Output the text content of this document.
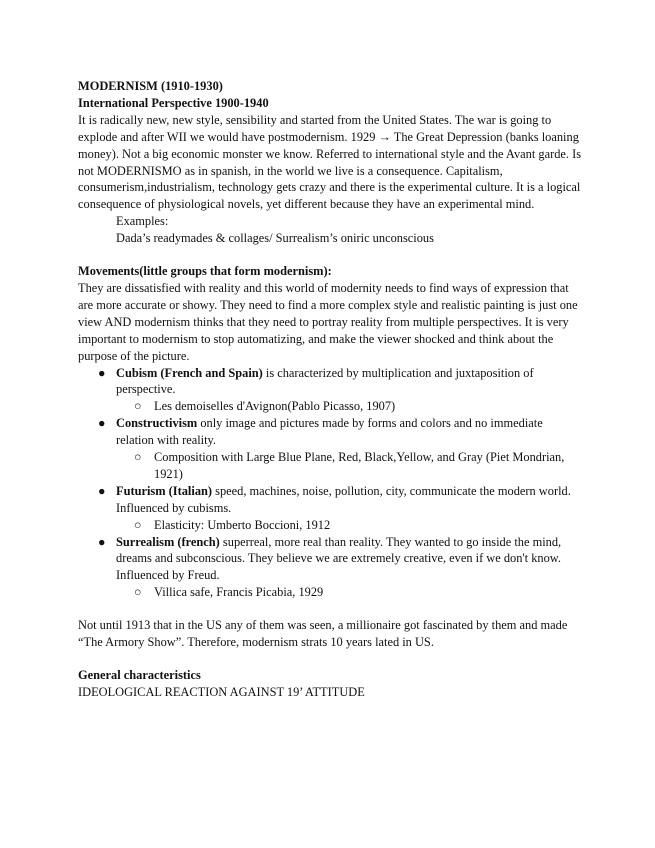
MODERNISM (1910-1930)

International Perspective 1900-1940

It is radically new, new style, sensibility and started from the United States. The war is going to explode and after WII we would have postmodernism. 1929 → The Great Depression (banks loaning money). Not a big economic monster we know. Referred to international style and the Avant garde. Is not MODERNISMO as in spanish, in the world we live is a consequence. Capitalism, consumerism,industrialism, technology gets crazy and there is the experimental culture. It is a logical consequence of physiological novels, yet different because they have an experimental mind.

Examples:

Dada’s readymades & collages/ Surrealism’s oniric unconscious

Movements(little groups that form modernism):

They are dissatisfied with reality and this world of modernity needs to find ways of expression that are more accurate or showy. They need to find a more complex style and realistic painting is just one view AND modernism thinks that they need to portray reality from multiple perspectives. It is very important to modernism to stop automatizing, and make the viewer shocked and think about the purpose of the picture.

● Cubism (French and Spain) is characterized by multiplication and juxtaposition of perspective.
○ Les demoiselles d'Avignon(Pablo Picasso, 1907)
● Constructivism only image and pictures made by forms and colors and no immediate relation with reality.
○ Composition with Large Blue Plane, Red, Black,Yellow, and Gray (Piet Mondrian, 1921)
● Futurism (Italian) speed, machines, noise, pollution, city, communicate the modern world. Influenced by cubisms.
○ Elasticity: Umberto Boccioni, 1912
● Surrealism (french) superreal, more real than reality. They wanted to go inside the mind, dreams and subconscious. They believe we are extremely creative, even if we don't know. Influenced by Freud.
○ Villica safe, Francis Picabia, 1929

Not until 1913 that in the US any of them was seen, a millionaire got fascinated by them and made “The Armory Show”. Therefore, modernism strats 10 years lated in US.

General characteristics

IDEOLOGICAL REACTION AGAINST 19’ ATTITUDE
